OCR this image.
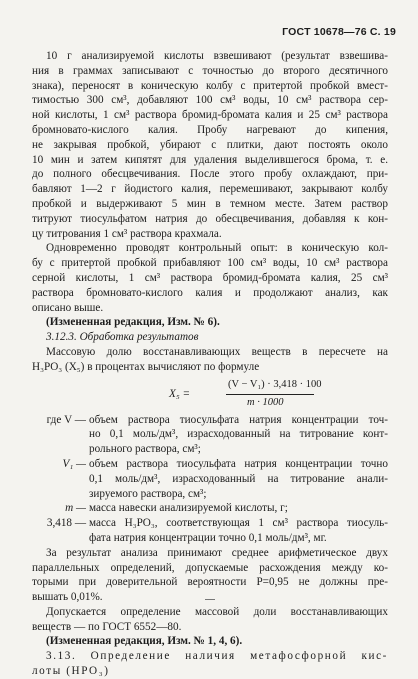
ГОСТ 10678—76 С. 19
10 г анализируемой кислоты взвешивают (результат взвешива-
ния в граммах записывают с точностью до второго десятичного
знака), переносят в коническую колбу с притертой пробкой вмест-
тимостью 300 см³, добавляют 100 см³ воды, 10 см³ раствора сер-
ной кислоты, 1 см³ раствора бромид-бромата калия и 25 см³ раствора
бромновато-кислого калия. Пробу нагревают до кипения,
не закрывая пробкой, убирают с плитки, дают постоять около
10 мин и затем кипятят для удаления выделившегося брома, т. е.
до полного обесцвечивания. После этого пробу охлаждают, при-
бавляют 1—2 г йодистого калия, перемешивают, закрывают колбу
пробкой и выдерживают 5 мин в темном месте. Затем раствор
титруют тиосульфатом натрия до обесцвечивания, добавляя к кон-
цу титрования 1 см³ раствора крахмала.
Одновременно проводят контрольный опыт: в коническую кол-
бу с притертой пробкой прибавляют 100 см³ воды, 10 см³ раствора
серной кислоты, 1 см³ раствора бромид-бромата калия, 25 см³
раствора бромновато-кислого калия и продолжают анализ, как
описано выше.
(Измененная редакция, Изм. № 6).
3.12.3. Обработка результатов
Массовую долю восстанавливающих веществ в пересчете на
H₃PO₃ (X₅) в процентах вычисляют по формуле
X₅ =
(V − V₁) · 3,418 · 100
m · 1000
где V — объем раствора тиосульфата натрия концентрации точ-
но 0,1 моль/дм³, израсходованный на титрование конт-
рольного раствора, см³;
V₁ — объем раствора тиосульфата натрия концентрации точно
0,1 моль/дм³, израсходованный на титрование анали-
зируемого раствора, см³;
m — масса навески анализируемой кислоты, г;
3,418 — масса H₃PO₃, соответствующая 1 см³ раствора тиосуль-
фата натрия концентрации точно 0,1 моль/дм³, мг.
За результат анализа принимают среднее арифметическое двух
параллельных определений, допускаемые расхождения между ко-
торыми при доверительной вероятности P=0,95 не должны пре-
вышать 0,01%.
Допускается определение массовой доли восстанавливающих
веществ — по ГОСТ 6552—80.
(Измененная редакция, Изм. № 1, 4, 6).
3.13. Определение наличия метафосфорной кис-
лоты (HPO₃)
